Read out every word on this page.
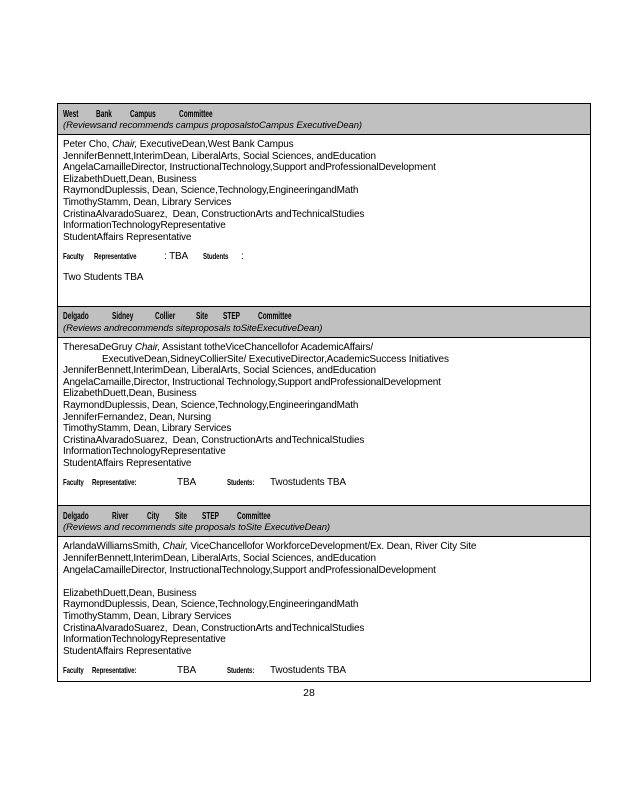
West Bank Campus Committee
(Reviewsand recommends campus proposalstoCampus ExecutiveDean)
Peter Cho, Chair, ExecutiveDean,West Bank Campus
JenniferBennett,InterimDean, LiberalArts, Social Sciences, andEducation
AngelaCamailleDirector, InstructionalTechnology,Support andProfessionalDevelopment
ElizabethDuett,Dean, Business
RaymondDuplessis, Dean, Science,Technology,EngineeringandMath
TimothyStamm, Dean, Library Services
CristinaAlvaradoSuarez,  Dean, ConstructionArts andTechnicalStudies
InformationTechnologyRepresentative
StudentAffairs Representative
Faculty Representative	: TBA Students :
Two Students TBA
Delgado Sidney Collier Site STEP Committee
(Reviews andrecommends siteproposals toSiteExecutiveDean)
TheresaDeGruy Chair, Assistant totheViceChancellofor AcademicAffairs/
ExecutiveDean,SidneyCollierSite/ ExecutiveDirector,AcademicSuccess Initiatives
JenniferBennett,InterimDean, LiberalArts, Social Sciences, andEducation
AngelaCamaille,Director, Instructional Technology,Support andProfessionalDevelopment
ElizabethDuett,Dean, Business
RaymondDuplessis, Dean, Science,Technology,EngineeringandMath
JenniferFernandez, Dean, Nursing
TimothyStamm, Dean, Library Services
CristinaAlvaradoSuarez,  Dean, ConstructionArts andTechnicalStudies
InformationTechnologyRepresentative
StudentAffairs Representative
Faculty Representative:	TBA	Students: Twostudents TBA
Delgado River City Site STEP Committee
(Reviews and recommends site proposals toSite ExecutiveDean)
ArlandaWilliamsSmith, Chair, ViceChancellofor WorkforceDevelopment/Ex. Dean, River City Site
JenniferBennett,InterimDean, LiberalArts, Social Sciences, andEducation
AngelaCamailleDirector, InstructionalTechnology,Support andProfessionalDevelopment

ElizabethDuett,Dean, Business
RaymondDuplessis, Dean, Science,Technology,EngineeringandMath
TimothyStamm, Dean, Library Services
CristinaAlvaradoSuarez,  Dean, ConstructionArts andTechnicalStudies
InformationTechnologyRepresentative
StudentAffairs Representative
Faculty Representative:	TBA	Students: Twostudents TBA
28
